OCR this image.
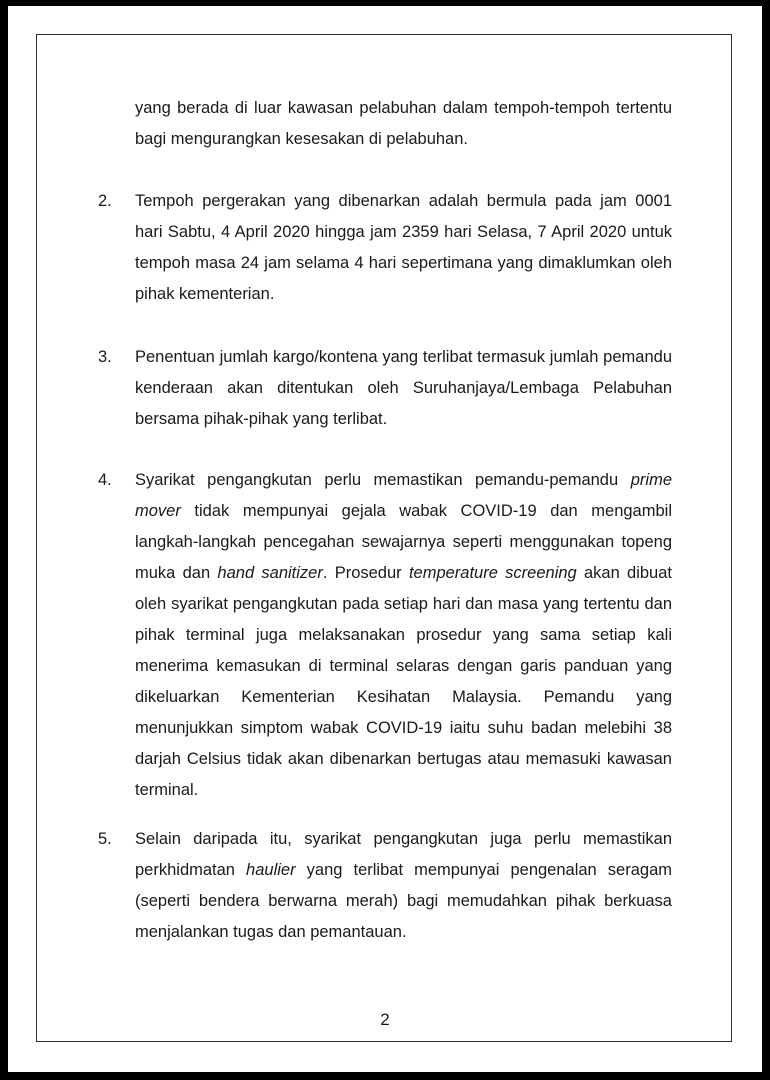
yang berada di luar kawasan pelabuhan dalam tempoh-tempoh tertentu bagi mengurangkan kesesakan di pelabuhan.

2. Tempoh pergerakan yang dibenarkan adalah bermula pada jam 0001 hari Sabtu, 4 April 2020 hingga jam 2359 hari Selasa, 7 April 2020 untuk tempoh masa 24 jam selama 4 hari sepertimana yang dimaklumkan oleh pihak kementerian.
3. Penentuan jumlah kargo/kontena yang terlibat termasuk jumlah pemandu kenderaan akan ditentukan oleh Suruhanjaya/Lembaga Pelabuhan bersama pihak-pihak yang terlibat.
4. Syarikat pengangkutan perlu memastikan pemandu-pemandu prime mover tidak mempunyai gejala wabak COVID-19 dan mengambil langkah-langkah pencegahan sewajarnya seperti menggunakan topeng muka dan hand sanitizer. Prosedur temperature screening akan dibuat oleh syarikat pengangkutan pada setiap hari dan masa yang tertentu dan pihak terminal juga melaksanakan prosedur yang sama setiap kali menerima kemasukan di terminal selaras dengan garis panduan yang dikeluarkan Kementerian Kesihatan Malaysia. Pemandu yang menunjukkan simptom wabak COVID-19 iaitu suhu badan melebihi 38 darjah Celsius tidak akan dibenarkan bertugas atau memasuki kawasan terminal.
5. Selain daripada itu, syarikat pengangkutan juga perlu memastikan perkhidmatan haulier yang terlibat mempunyai pengenalan seragam (seperti bendera berwarna merah) bagi memudahkan pihak berkuasa menjalankan tugas dan pemantauan.
2
